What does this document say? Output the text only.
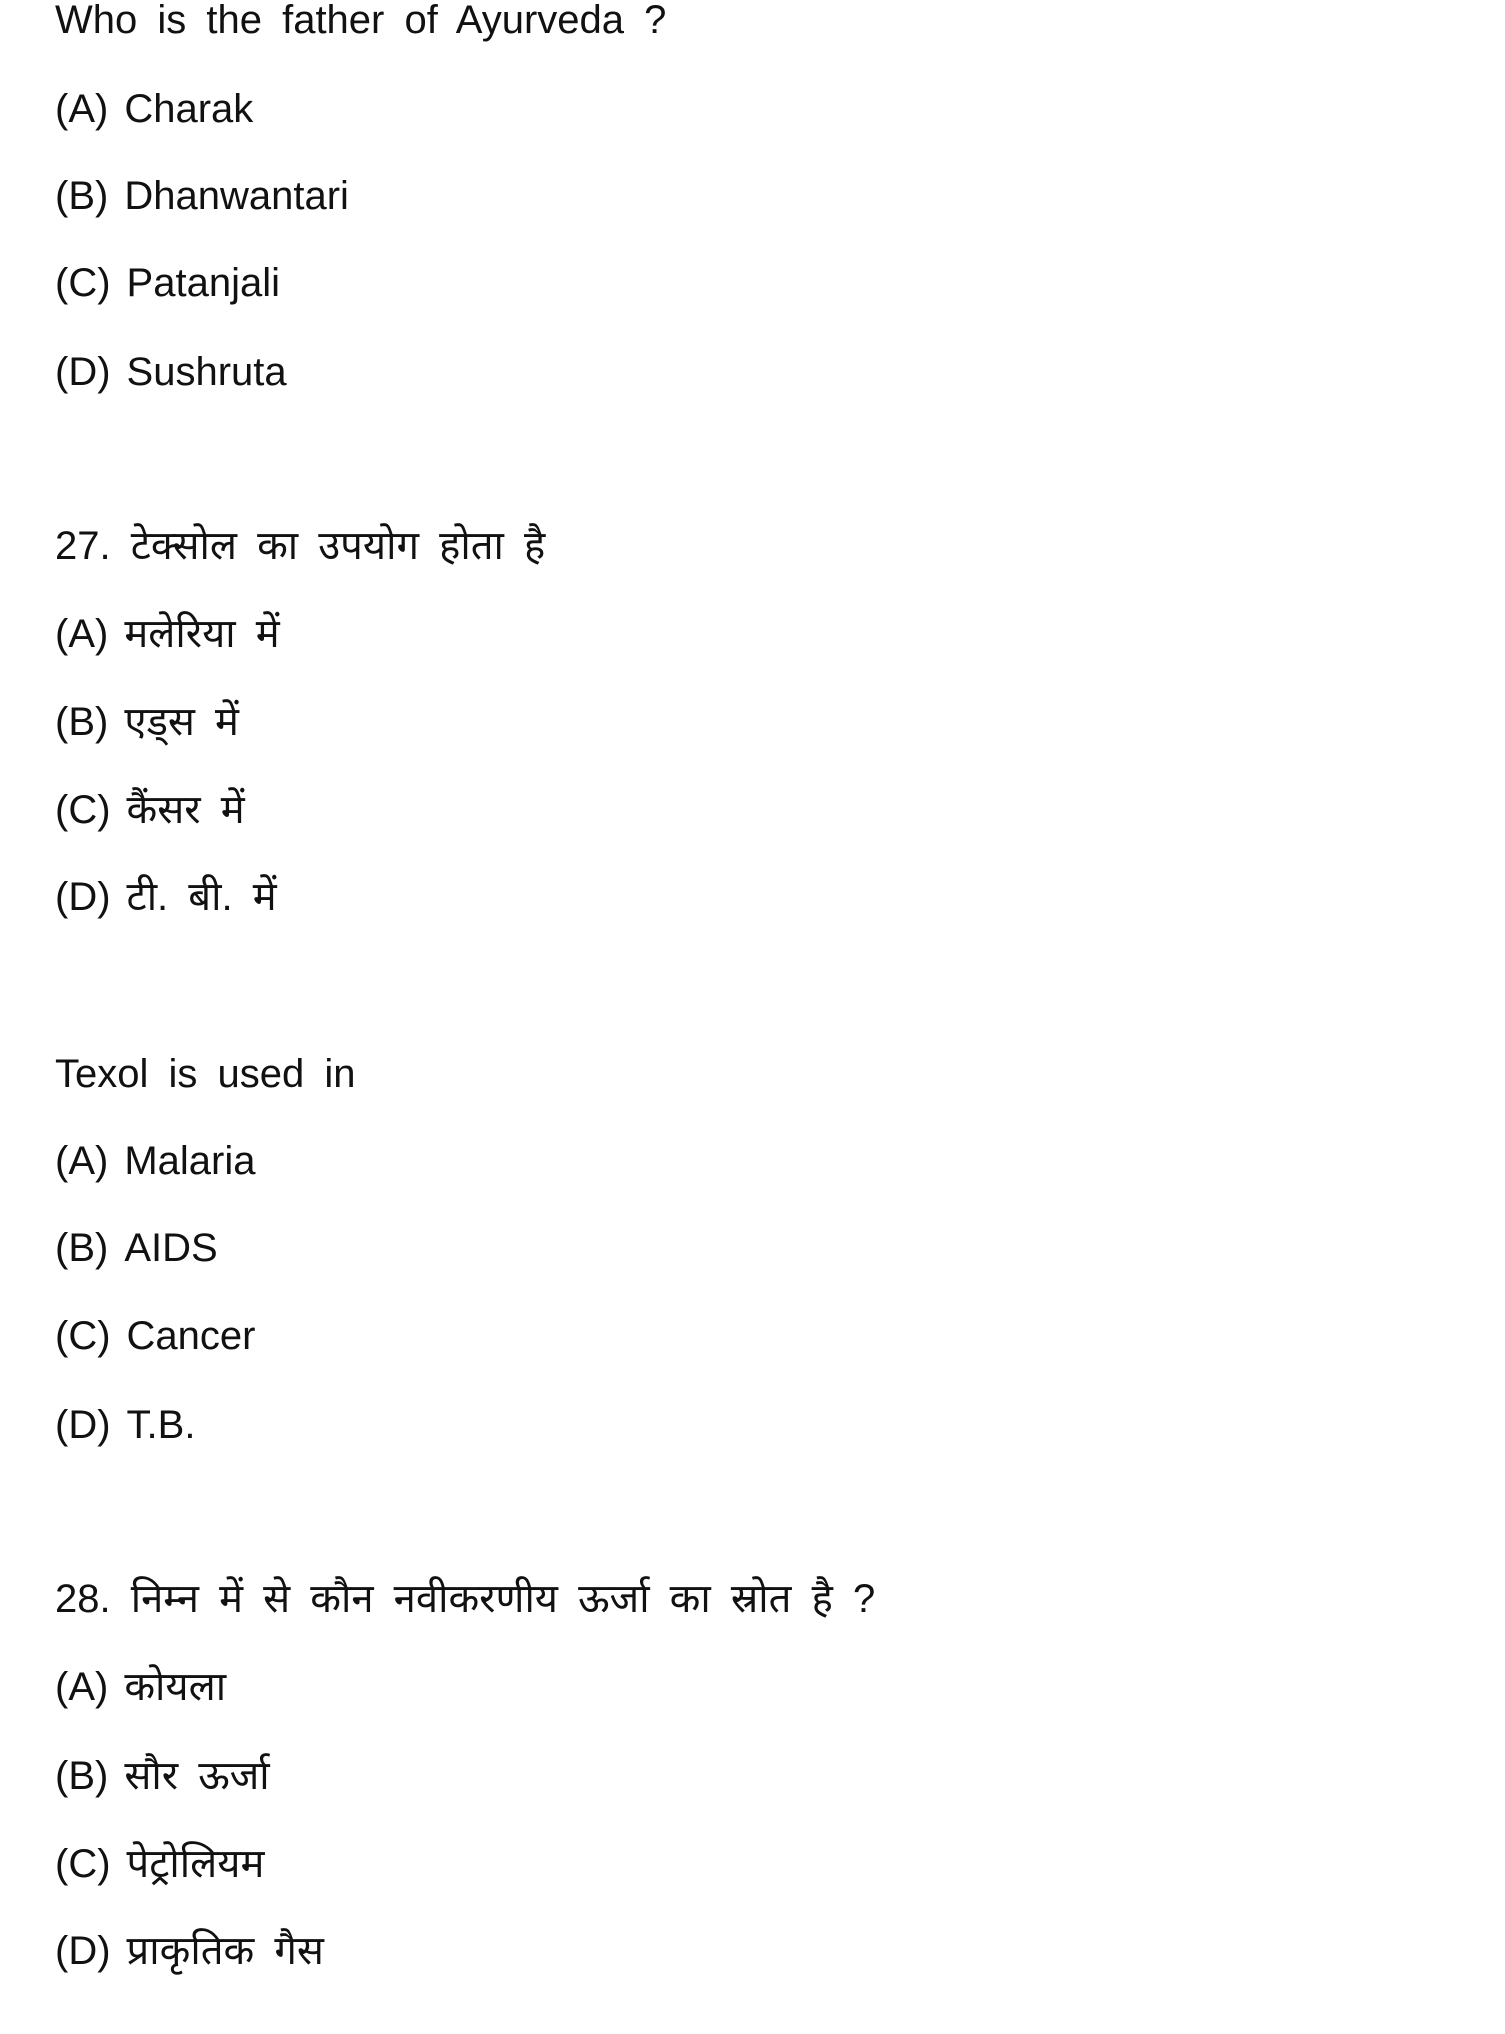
Who is the father of Ayurveda ?
(A) Charak
(B) Dhanwantari
(C) Patanjali
(D) Sushruta
27. टेक्सोल का उपयोग होता है
(A) मलेरिया में
(B) एड्स में
(C) कैंसर में
(D) टी. बी. में
Texol is used in
(A) Malaria
(B) AIDS
(C) Cancer
(D) T.B.
28. निम्न में से कौन नवीकरणीय ऊर्जा का स्रोत है ?
(A) कोयला
(B) सौर ऊर्जा
(C) पेट्रोलियम
(D) प्राकृतिक गैस
